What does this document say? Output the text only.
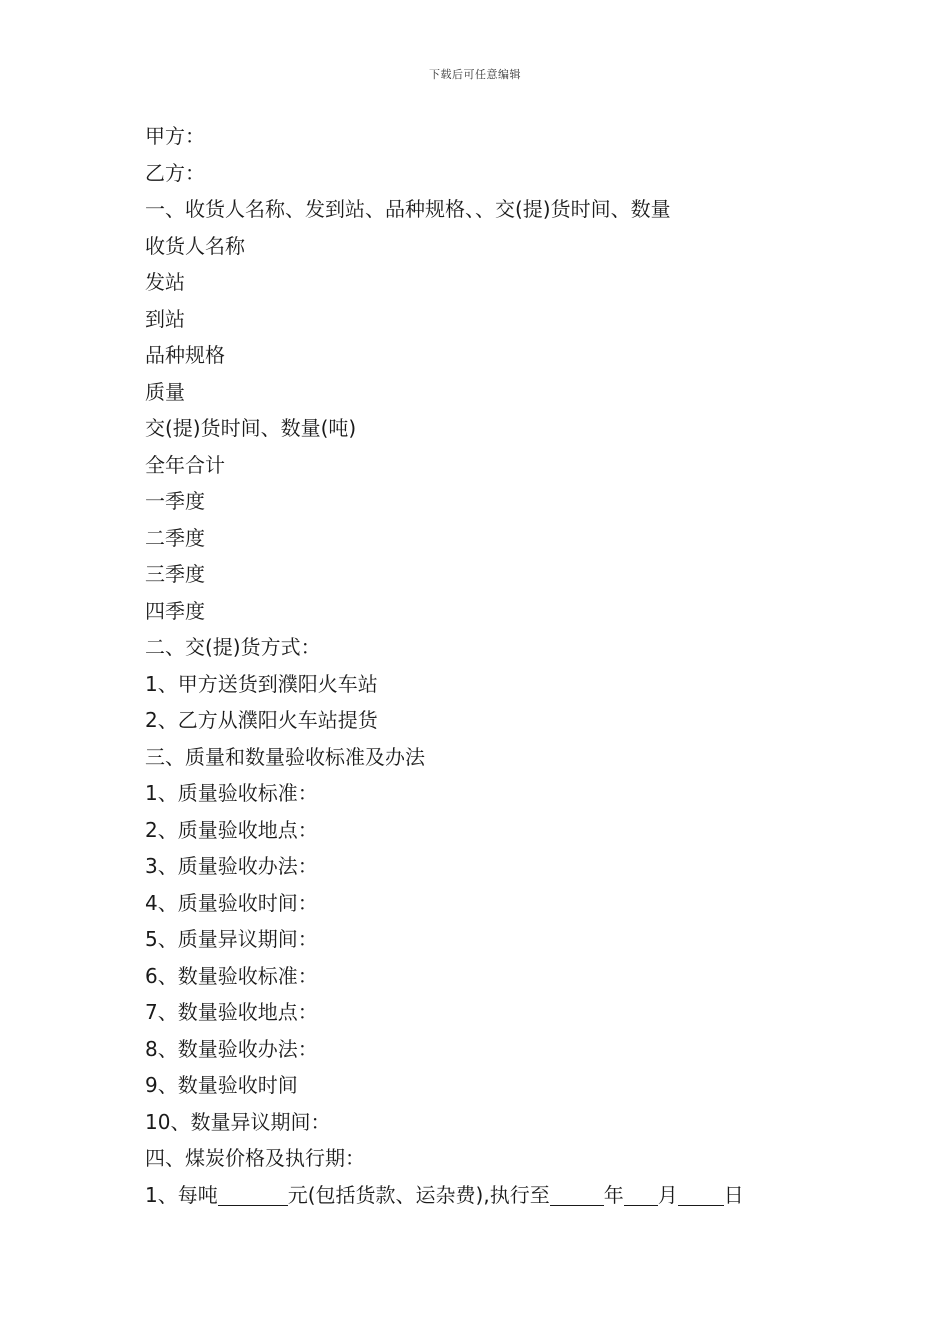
下载后可任意编辑
甲方：
乙方：
一、收货人名称、发到站、品种规格、、交(提)货时间、数量
收货人名称
发站
到站
品种规格
质量
交(提)货时间、数量(吨)
全年合计
一季度
二季度
三季度
四季度
二、交(提)货方式：
1、甲方送货到濮阳火车站
2、乙方从濮阳火车站提货
三、质量和数量验收标准及办法
1、质量验收标准：
2、质量验收地点：
3、质量验收办法：
4、质量验收时间：
5、质量异议期间：
6、数量验收标准：
7、数量验收地点：
8、数量验收办法：
9、数量验收时间
10、数量异议期间：
四、煤炭价格及执行期：
1、每吨	元(包括货款、运杂费),执行至	年 月 日
